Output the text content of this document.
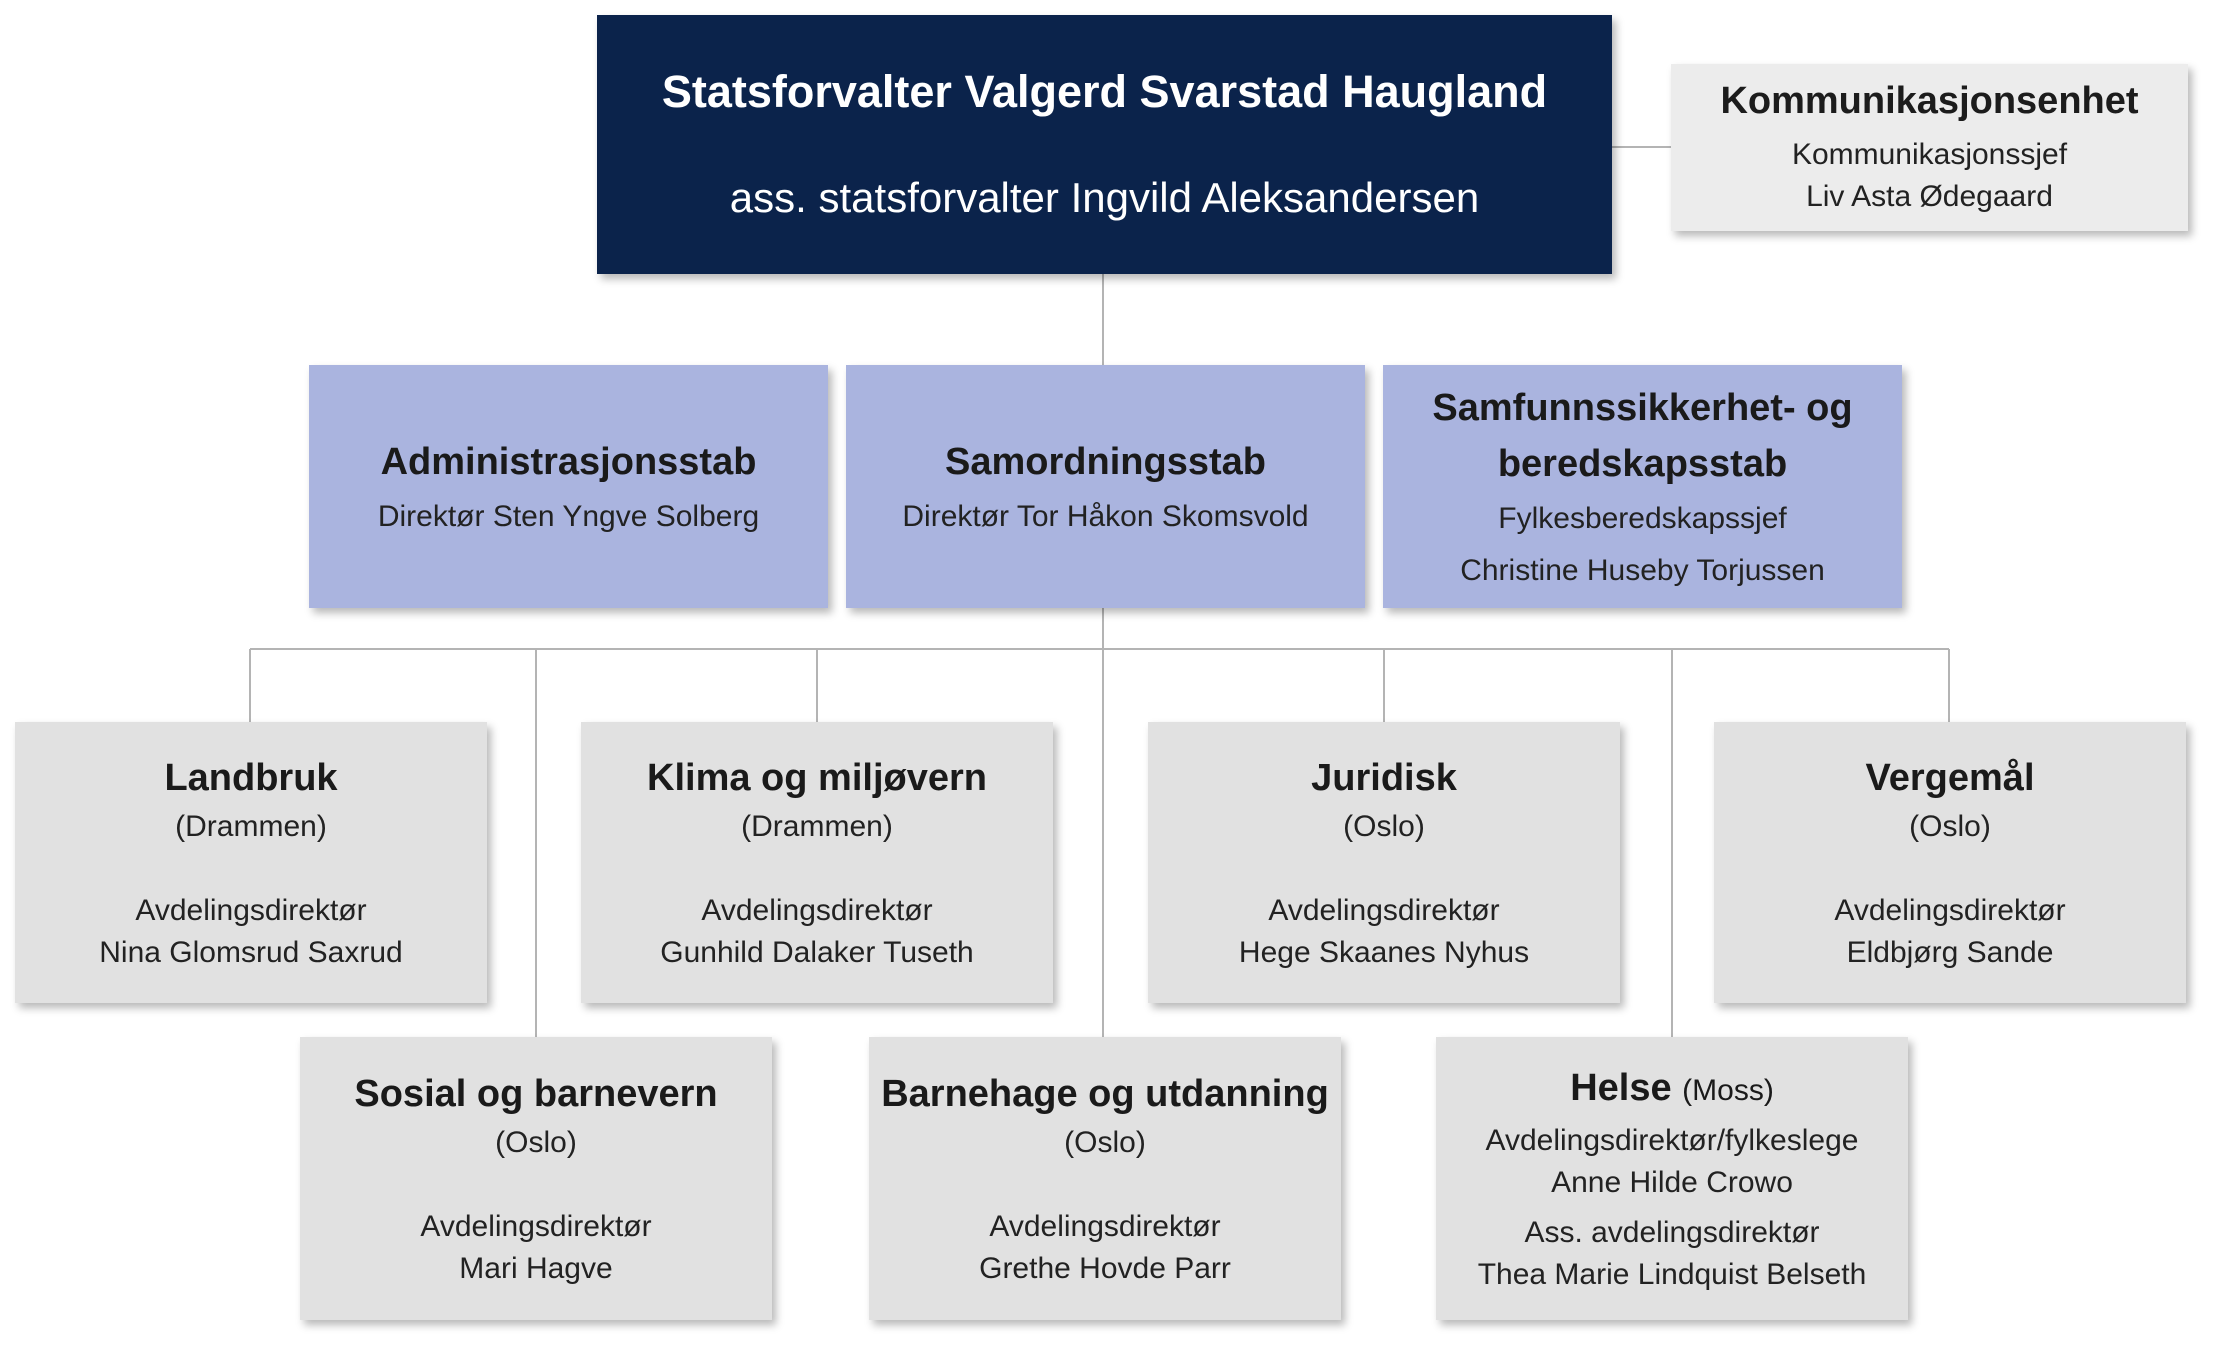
Statsforvalter Valgerd Svarstad Haugland
ass. statsforvalter Ingvild Aleksandersen
Kommunikasjonsenhet
Kommunikasjonssjef
Liv Asta Ødegaard
Administrasjonsstab
Direktør Sten Yngve Solberg
Samordningsstab
Direktør Tor Håkon Skomsvold
Samfunnssikkerhet- og
beredskapsstab
Fylkesberedskapssjef
Christine Huseby Torjussen
Landbruk
(Drammen)
Avdelingsdirektør
Nina Glomsrud Saxrud
Klima og miljøvern
(Drammen)
Avdelingsdirektør
Gunhild Dalaker Tuseth
Juridisk
(Oslo)
Avdelingsdirektør
Hege Skaanes Nyhus
Vergemål
(Oslo)
Avdelingsdirektør
Eldbjørg Sande
Sosial og barnevern
(Oslo)
Avdelingsdirektør
Mari Hagve
Barnehage og utdanning
(Oslo)
Avdelingsdirektør
Grethe Hovde Parr
Helse (Moss)
Avdelingsdirektør/fylkeslege
Anne Hilde Crowo
Ass. avdelingsdirektør
Thea Marie Lindquist Belseth
